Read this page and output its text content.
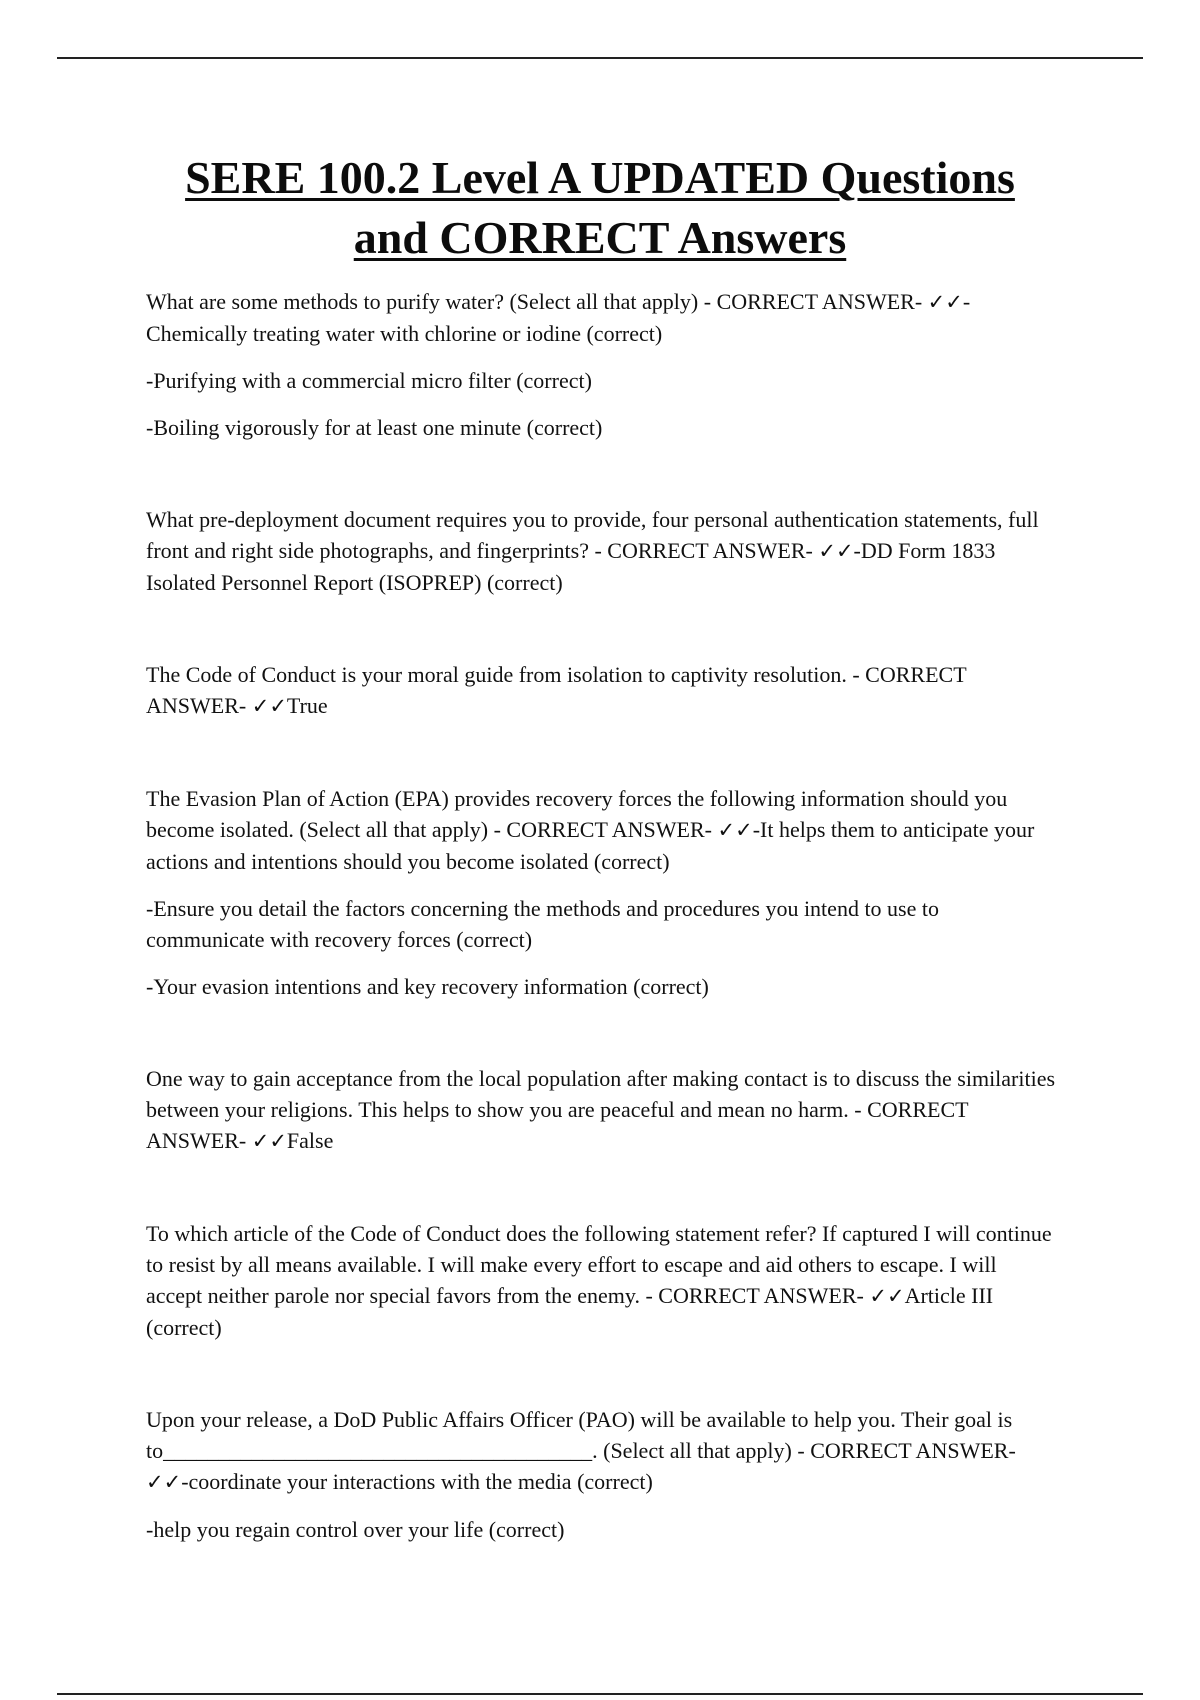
SERE 100.2 Level A UPDATED Questions and CORRECT Answers

What are some methods to purify water? (Select all that apply) - CORRECT ANSWER- ✓✓-Chemically treating water with chlorine or iodine (correct)

-Purifying with a commercial micro filter (correct)

-Boiling vigorously for at least one minute (correct)

What pre-deployment document requires you to provide, four personal authentication statements, full front and right side photographs, and fingerprints? - CORRECT ANSWER- ✓✓-DD Form 1833 Isolated Personnel Report (ISOPREP) (correct)

The Code of Conduct is your moral guide from isolation to captivity resolution. - CORRECT ANSWER- ✓✓True

The Evasion Plan of Action (EPA) provides recovery forces the following information should you become isolated. (Select all that apply) - CORRECT ANSWER- ✓✓-It helps them to anticipate your actions and intentions should you become isolated (correct)

-Ensure you detail the factors concerning the methods and procedures you intend to use to communicate with recovery forces (correct)

-Your evasion intentions and key recovery information (correct)

One way to gain acceptance from the local population after making contact is to discuss the similarities between your religions. This helps to show you are peaceful and mean no harm. - CORRECT ANSWER- ✓✓False

To which article of the Code of Conduct does the following statement refer? If captured I will continue to resist by all means available. I will make every effort to escape and aid others to escape. I will accept neither parole nor special favors from the enemy. - CORRECT ANSWER- ✓✓Article III (correct)

Upon your release, a DoD Public Affairs Officer (PAO) will be available to help you. Their goal is to_______________________________________. (Select all that apply) - CORRECT ANSWER- ✓✓-coordinate your interactions with the media (correct)

-help you regain control over your life (correct)
